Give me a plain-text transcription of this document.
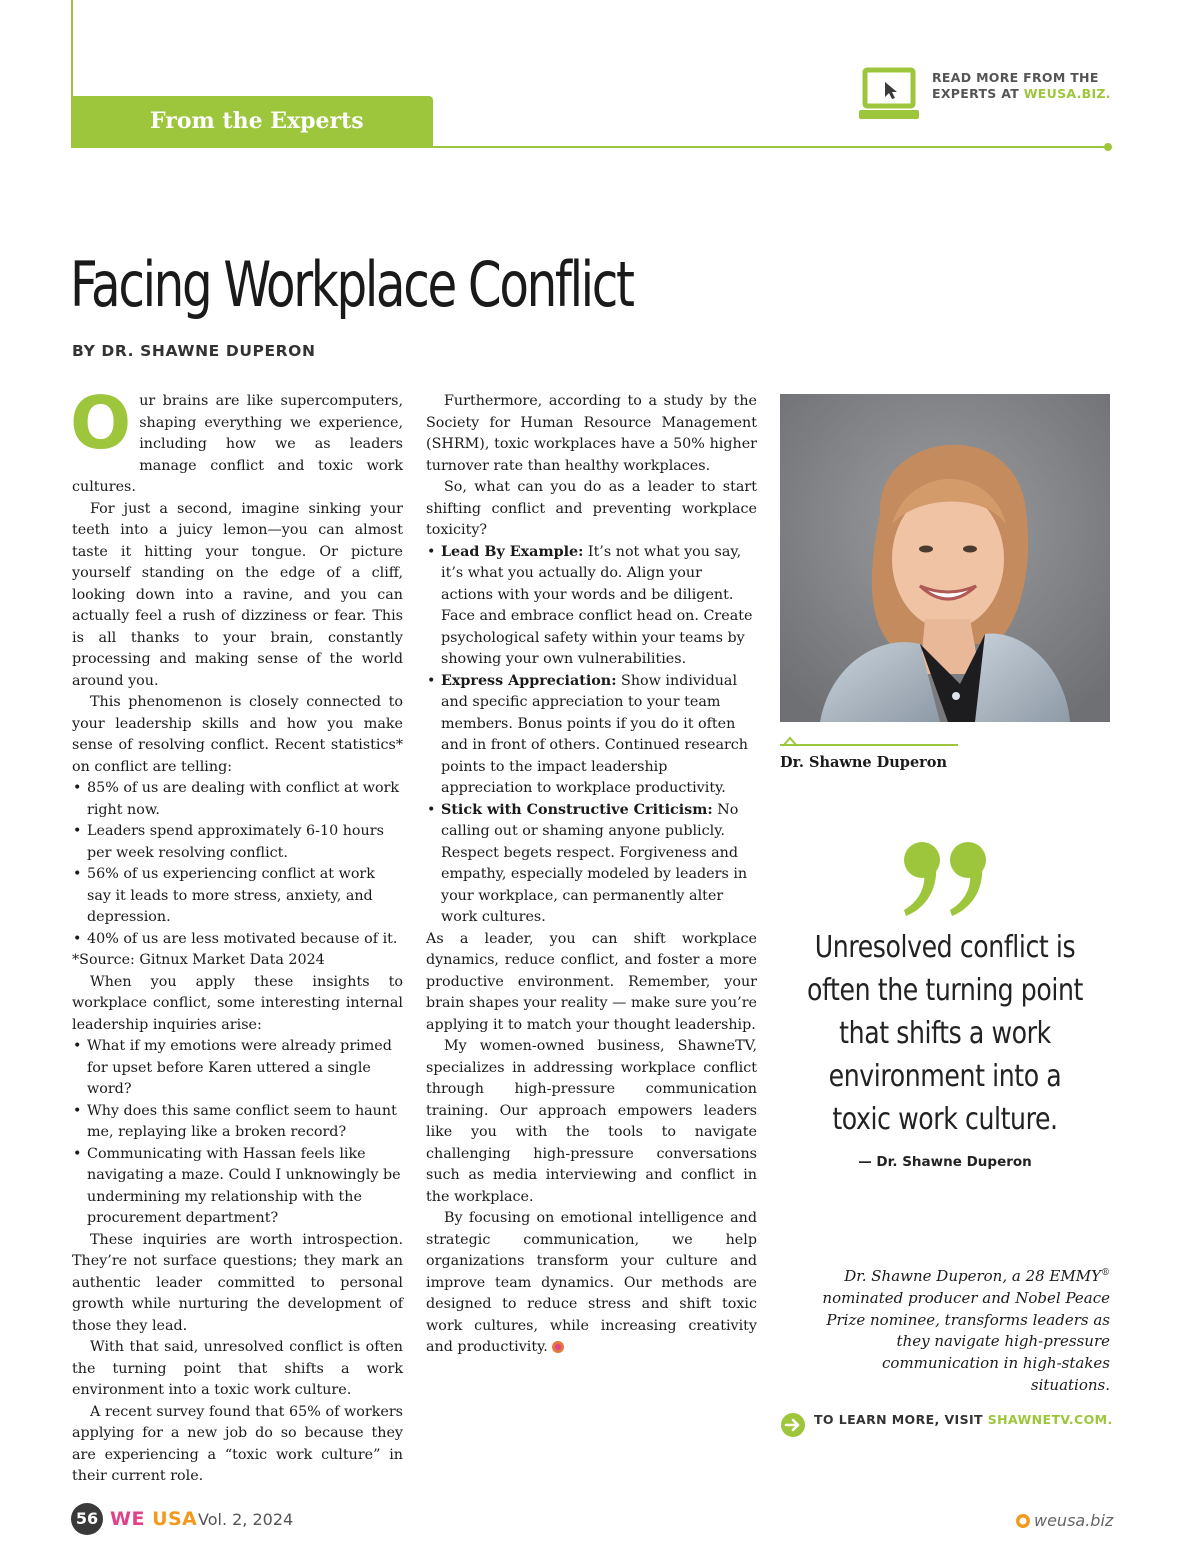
From the Experts
READ MORE FROM THE
EXPERTS AT WEUSA.BIZ.
Facing Workplace Conflict
BY DR. SHAWNE DUPERON

Our brains are like supercomputers, shaping everything we experience, including how we as leaders manage conflict and toxic work cultures.

For just a second, imagine sinking your teeth into a juicy lemon—you can almost taste it hitting your tongue. Or picture yourself standing on the edge of a cliff, looking down into a ravine, and you can actually feel a rush of dizziness or fear. This is all thanks to your brain, constantly processing and making sense of the world around you.

This phenomenon is closely connected to your leadership skills and how you make sense of resolving conflict. Recent statistics* on conflict are telling:

• 85% of us are dealing with conflict at work right now.
• Leaders spend approximately 6-10 hours per week resolving conflict.
• 56% of us experiencing conflict at work say it leads to more stress, anxiety, and depression.
• 40% of us are less motivated because of it.

*Source: Gitnux Market Data 2024

When you apply these insights to workplace conflict, some interesting internal leadership inquiries arise:

• What if my emotions were already primed for upset before Karen uttered a single word?
• Why does this same conflict seem to haunt me, replaying like a broken record?
• Communicating with Hassan feels like navigating a maze. Could I unknowingly be undermining my relationship with the procurement department?

These inquiries are worth introspection. They’re not surface questions; they mark an authentic leader committed to personal growth while nurturing the development of those they lead.

With that said, unresolved conflict is often the turning point that shifts a work environment into a toxic work culture.

A recent survey found that 65% of workers applying for a new job do so because they are experiencing a “toxic work culture” in their current role.

Furthermore, according to a study by the Society for Human Resource Management (SHRM), toxic workplaces have a 50% higher turnover rate than healthy workplaces.

So, what can you do as a leader to start shifting conflict and preventing workplace toxicity?

• Lead By Example: It’s not what you say, it’s what you actually do. Align your actions with your words and be diligent. Face and embrace conflict head on. Create psychological safety within your teams by showing your own vulnerabilities.
• Express Appreciation: Show individual and specific appreciation to your team members. Bonus points if you do it often and in front of others. Continued research points to the impact leadership appreciation to workplace productivity.
• Stick with Constructive Criticism: No calling out or shaming anyone publicly. Respect begets respect. Forgiveness and empathy, especially modeled by leaders in your workplace, can permanently alter work cultures.

As a leader, you can shift workplace dynamics, reduce conflict, and foster a more productive environment. Remember, your brain shapes your reality — make sure you’re applying it to match your thought leadership.

My women-owned business, ShawneTV, specializes in addressing workplace conflict through high-pressure communication training. Our approach empowers leaders like you with the tools to navigate challenging high-pressure conversations such as media interviewing and conflict in the workplace.

By focusing on emotional intelligence and strategic communication, we help organizations transform your culture and improve team dynamics. Our methods are designed to reduce stress and shift toxic work cultures, while increasing creativity and productivity.

Dr. Shawne Duperon
Unresolved conflict is often the turning point that shifts a work environment into a toxic work culture.
— Dr. Shawne Duperon
Dr. Shawne Duperon, a 28 EMMY® nominated producer and Nobel Peace Prize nominee, transforms leaders as they navigate high-pressure communication in high-stakes situations.
TO LEARN MORE, VISIT SHAWNETV.COM.
56 WE USA Vol. 2, 2024	weusa.biz
